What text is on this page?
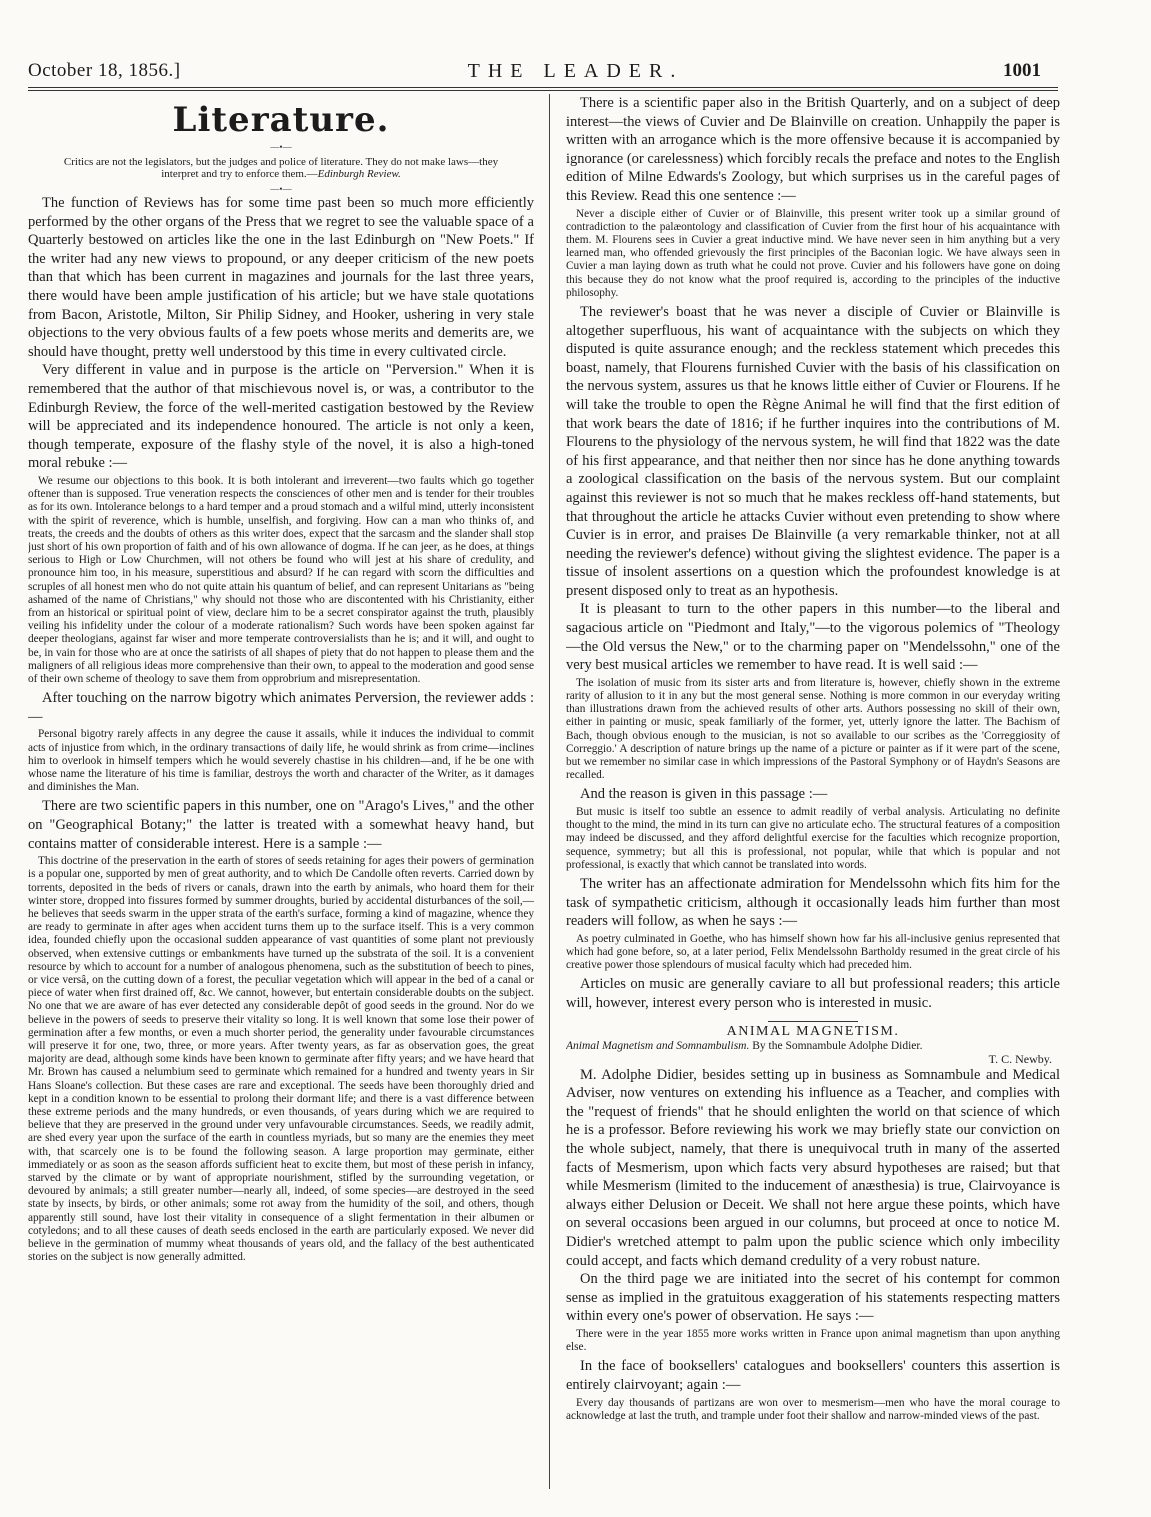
October 18, 1856.]	THE LEADER.	1001
Literature.

—•—

Critics are not the legislators, but the judges and police of literature. They do not make laws—they interpret and try to enforce them.—Edinburgh Review.

—•—

The function of Reviews has for some time past been so much more efficiently performed by the other organs of the Press that we regret to see the valuable space of a Quarterly bestowed on articles like the one in the last Edinburgh on "New Poets." If the writer had any new views to propound, or any deeper criticism of the new poets than that which has been current in magazines and journals for the last three years, there would have been ample justification of his article; but we have stale quotations from Bacon, Aristotle, Milton, Sir Philip Sidney, and Hooker, ushering in very stale objections to the very obvious faults of a few poets whose merits and demerits are, we should have thought, pretty well understood by this time in every cultivated circle.

Very different in value and in purpose is the article on "Perversion." When it is remembered that the author of that mischievous novel is, or was, a contributor to the Edinburgh Review, the force of the well-merited castigation bestowed by the Review will be appreciated and its independence honoured. The article is not only a keen, though temperate, exposure of the flashy style of the novel, it is also a high-toned moral rebuke :—

We resume our objections to this book. It is both intolerant and irreverent—two faults which go together oftener than is supposed. True veneration respects the consciences of other men and is tender for their troubles as for its own. Intolerance belongs to a hard temper and a proud stomach and a wilful mind, utterly inconsistent with the spirit of reverence, which is humble, unselfish, and forgiving. How can a man who thinks of, and treats, the creeds and the doubts of others as this writer does, expect that the sarcasm and the slander shall stop just short of his own proportion of faith and of his own allowance of dogma. If he can jeer, as he does, at things serious to High or Low Churchmen, will not others be found who will jest at his share of credulity, and pronounce him too, in his measure, superstitious and absurd? If he can regard with scorn the difficulties and scruples of all honest men who do not quite attain his quantum of belief, and can represent Unitarians as "being ashamed of the name of Christians," why should not those who are discontented with his Christianity, either from an historical or spiritual point of view, declare him to be a secret conspirator against the truth, plausibly veiling his infidelity under the colour of a moderate rationalism? Such words have been spoken against far deeper theologians, against far wiser and more temperate controversialists than he is; and it will, and ought to be, in vain for those who are at once the satirists of all shapes of piety that do not happen to please them and the maligners of all religious ideas more comprehensive than their own, to appeal to the moderation and good sense of their own scheme of theology to save them from opprobrium and misrepresentation.

After touching on the narrow bigotry which animates Perversion, the reviewer adds :—

Personal bigotry rarely affects in any degree the cause it assails, while it induces the individual to commit acts of injustice from which, in the ordinary transactions of daily life, he would shrink as from crime—inclines him to overlook in himself tempers which he would severely chastise in his children—and, if he be one with whose name the literature of his time is familiar, destroys the worth and character of the Writer, as it damages and diminishes the Man.

There are two scientific papers in this number, one on "Arago's Lives," and the other on "Geographical Botany;" the latter is treated with a somewhat heavy hand, but contains matter of considerable interest. Here is a sample :—

This doctrine of the preservation in the earth of stores of seeds retaining for ages their powers of germination is a popular one, supported by men of great authority, and to which De Candolle often reverts. Carried down by torrents, deposited in the beds of rivers or canals, drawn into the earth by animals, who hoard them for their winter store, dropped into fissures formed by summer droughts, buried by accidental disturbances of the soil,—he believes that seeds swarm in the upper strata of the earth's surface, forming a kind of magazine, whence they are ready to germinate in after ages when accident turns them up to the surface itself. This is a very common idea, founded chiefly upon the occasional sudden appearance of vast quantities of some plant not previously observed, when extensive cuttings or embankments have turned up the substrata of the soil. It is a convenient resource by which to account for a number of analogous phenomena, such as the substitution of beech to pines, or vice versâ, on the cutting down of a forest, the peculiar vegetation which will appear in the bed of a canal or piece of water when first drained off, &c. We cannot, however, but entertain considerable doubts on the subject. No one that we are aware of has ever detected any considerable depôt of good seeds in the ground. Nor do we believe in the powers of seeds to preserve their vitality so long. It is well known that some lose their power of germination after a few months, or even a much shorter period, the generality under favourable circumstances will preserve it for one, two, three, or more years. After twenty years, as far as observation goes, the great majority are dead, although some kinds have been known to germinate after fifty years; and we have heard that Mr. Brown has caused a nelumbium seed to germinate which remained for a hundred and twenty years in Sir Hans Sloane's collection. But these cases are rare and exceptional. The seeds have been thoroughly dried and kept in a condition known to be essential to prolong their dormant life; and there is a vast difference between these extreme periods and the many hundreds, or even thousands, of years during which we are required to believe that they are preserved in the ground under very unfavourable circumstances. Seeds, we readily admit, are shed every year upon the surface of the earth in countless myriads, but so many are the enemies they meet with, that scarcely one is to be found the following season. A large proportion may germinate, either immediately or as soon as the season affords sufficient heat to excite them, but most of these perish in infancy, starved by the climate or by want of appropriate nourishment, stifled by the surrounding vegetation, or devoured by animals; a still greater number—nearly all, indeed, of some species—are destroyed in the seed state by insects, by birds, or other animals; some rot away from the humidity of the soil, and others, though apparently still sound, have lost their vitality in consequence of a slight fermentation in their albumen or cotyledons; and to all these causes of death seeds enclosed in the earth are particularly exposed. We never did believe in the germination of mummy wheat thousands of years old, and the fallacy of the best authenticated stories on the subject is now generally admitted.

There is a scientific paper also in the British Quarterly, and on a subject of deep interest—the views of Cuvier and De Blainville on creation. Unhappily the paper is written with an arrogance which is the more offensive because it is accompanied by ignorance (or carelessness) which forcibly recals the preface and notes to the English edition of Milne Edwards's Zoology, but which surprises us in the careful pages of this Review. Read this one sentence :—

Never a disciple either of Cuvier or of Blainville, this present writer took up a similar ground of contradiction to the palæontology and classification of Cuvier from the first hour of his acquaintance with them. M. Flourens sees in Cuvier a great inductive mind. We have never seen in him anything but a very learned man, who offended grievously the first principles of the Baconian logic. We have always seen in Cuvier a man laying down as truth what he could not prove. Cuvier and his followers have gone on doing this because they do not know what the proof required is, according to the principles of the inductive philosophy.

The reviewer's boast that he was never a disciple of Cuvier or Blainville is altogether superfluous, his want of acquaintance with the subjects on which they disputed is quite assurance enough; and the reckless statement which precedes this boast, namely, that Flourens furnished Cuvier with the basis of his classification on the nervous system, assures us that he knows little either of Cuvier or Flourens. If he will take the trouble to open the Règne Animal he will find that the first edition of that work bears the date of 1816; if he further inquires into the contributions of M. Flourens to the physiology of the nervous system, he will find that 1822 was the date of his first appearance, and that neither then nor since has he done anything towards a zoological classification on the basis of the nervous system. But our complaint against this reviewer is not so much that he makes reckless off-hand statements, but that throughout the article he attacks Cuvier without even pretending to show where Cuvier is in error, and praises De Blainville (a very remarkable thinker, not at all needing the reviewer's defence) without giving the slightest evidence. The paper is a tissue of insolent assertions on a question which the profoundest knowledge is at present disposed only to treat as an hypothesis.

It is pleasant to turn to the other papers in this number—to the liberal and sagacious article on "Piedmont and Italy,"—to the vigorous polemics of "Theology—the Old versus the New," or to the charming paper on "Mendelssohn," one of the very best musical articles we remember to have read. It is well said :—

The isolation of music from its sister arts and from literature is, however, chiefly shown in the extreme rarity of allusion to it in any but the most general sense. Nothing is more common in our everyday writing than illustrations drawn from the achieved results of other arts. Authors possessing no skill of their own, either in painting or music, speak familiarly of the former, yet, utterly ignore the latter. The Bachism of Bach, though obvious enough to the musician, is not so available to our scribes as the 'Correggiosity of Correggio.' A description of nature brings up the name of a picture or painter as if it were part of the scene, but we remember no similar case in which impressions of the Pastoral Symphony or of Haydn's Seasons are recalled.

And the reason is given in this passage :—

But music is itself too subtle an essence to admit readily of verbal analysis. Articulating no definite thought to the mind, the mind in its turn can give no articulate echo. The structural features of a composition may indeed be discussed, and they afford delightful exercise for the faculties which recognize proportion, sequence, symmetry; but all this is professional, not popular, while that which is popular and not professional, is exactly that which cannot be translated into words.

The writer has an affectionate admiration for Mendelssohn which fits him for the task of sympathetic criticism, although it occasionally leads him further than most readers will follow, as when he says :—

As poetry culminated in Goethe, who has himself shown how far his all-inclusive genius represented that which had gone before, so, at a later period, Felix Mendelssohn Bartholdy resumed in the great circle of his creative power those splendours of musical faculty which had preceded him.

Articles on music are generally caviare to all but professional readers; this article will, however, interest every person who is interested in music.

ANIMAL MAGNETISM.

Animal Magnetism and Somnambulism. By the Somnambule Adolphe Didier.

T. C. Newby.

M. Adolphe Didier, besides setting up in business as Somnambule and Medical Adviser, now ventures on extending his influence as a Teacher, and complies with the "request of friends" that he should enlighten the world on that science of which he is a professor. Before reviewing his work we may briefly state our conviction on the whole subject, namely, that there is unequivocal truth in many of the asserted facts of Mesmerism, upon which facts very absurd hypotheses are raised; but that while Mesmerism (limited to the inducement of anæsthesia) is true, Clairvoyance is always either Delusion or Deceit. We shall not here argue these points, which have on several occasions been argued in our columns, but proceed at once to notice M. Didier's wretched attempt to palm upon the public science which only imbecility could accept, and facts which demand credulity of a very robust nature.

On the third page we are initiated into the secret of his contempt for common sense as implied in the gratuitous exaggeration of his statements respecting matters within every one's power of observation. He says :—

There were in the year 1855 more works written in France upon animal magnetism than upon anything else.

In the face of booksellers' catalogues and booksellers' counters this assertion is entirely clairvoyant; again :—

Every day thousands of partizans are won over to mesmerism—men who have the moral courage to acknowledge at last the truth, and trample under foot their shallow and narrow-minded views of the past.
